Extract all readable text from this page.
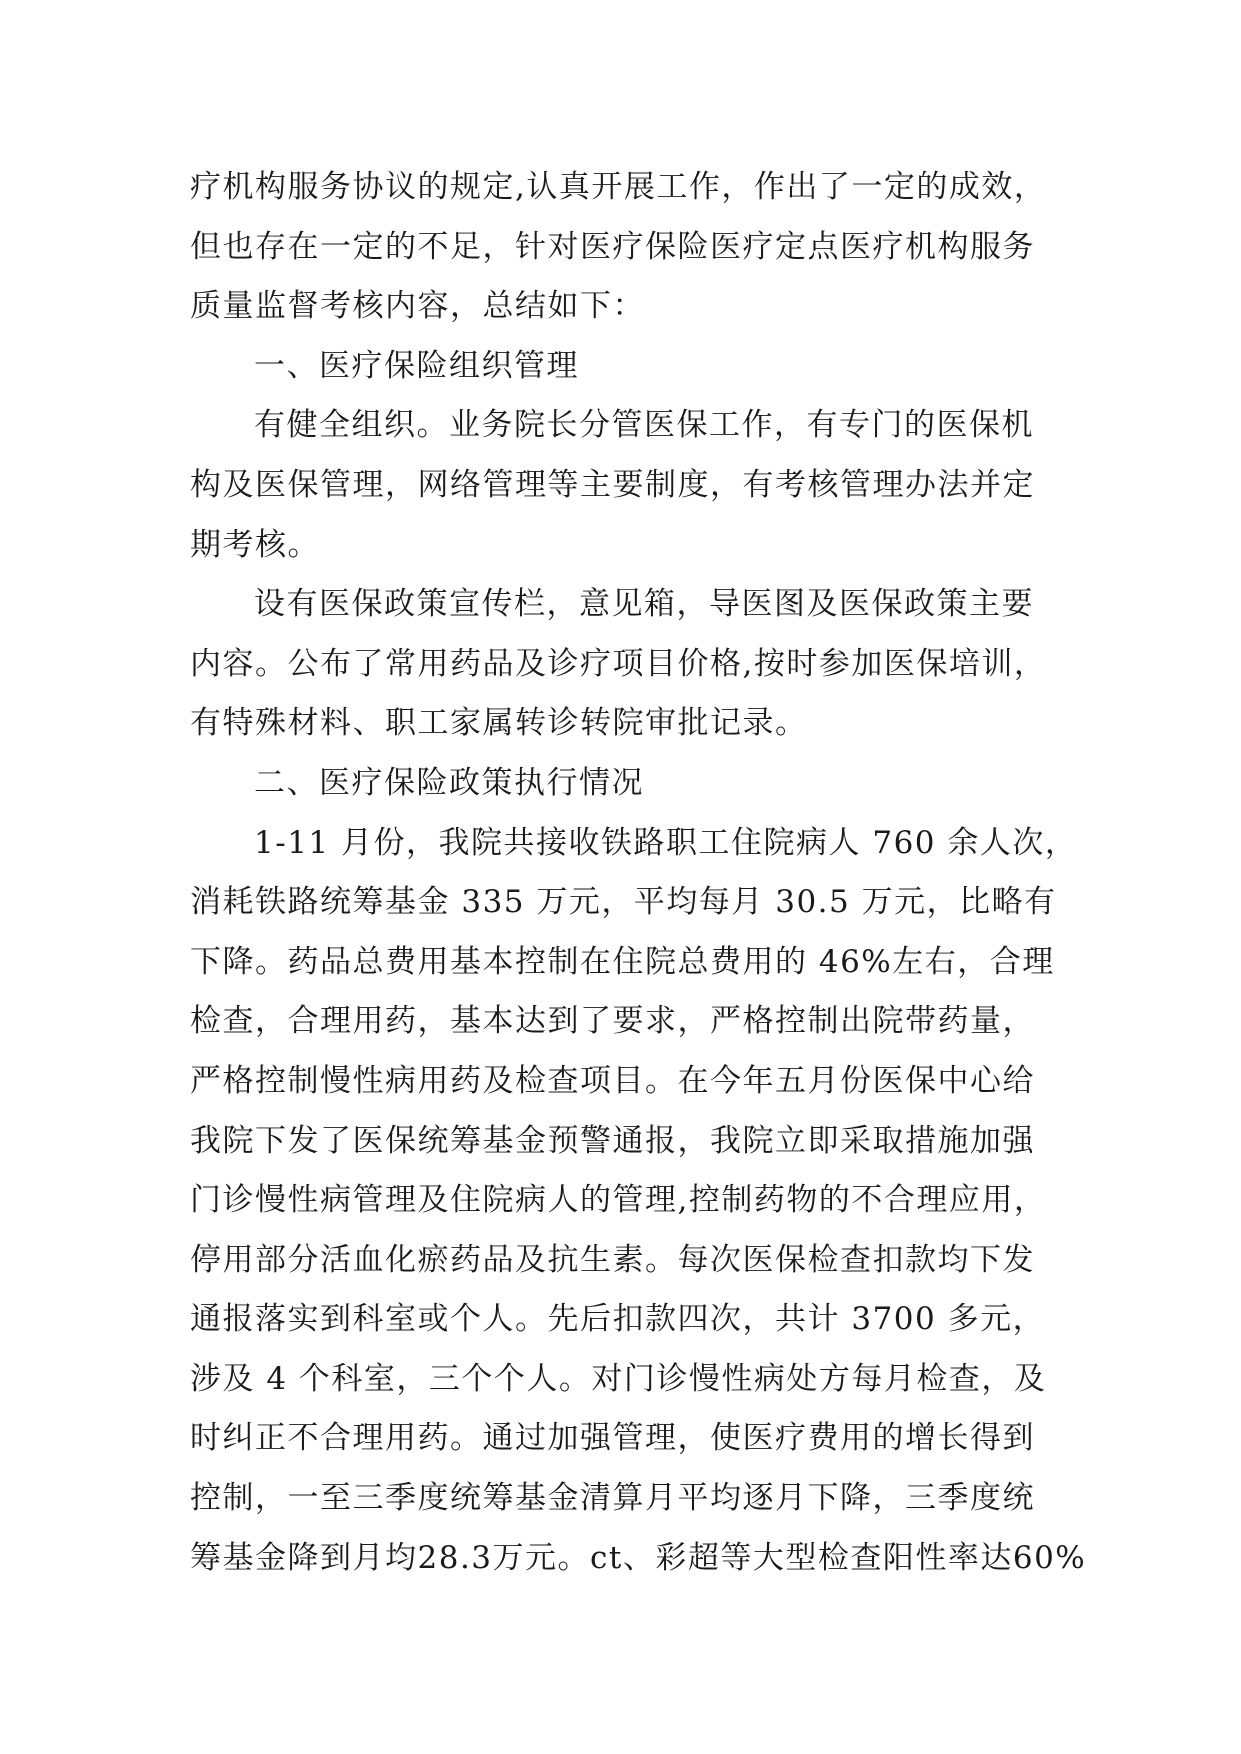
疗机构服务协议的规定,认真开展工作，作出了一定的成效，
但也存在一定的不足，针对医疗保险医疗定点医疗机构服务
质量监督考核内容，总结如下：
一、医疗保险组织管理
有健全组织。业务院长分管医保工作，有专门的医保机
构及医保管理，网络管理等主要制度，有考核管理办法并定
期考核。
设有医保政策宣传栏，意见箱，导医图及医保政策主要
内容。公布了常用药品及诊疗项目价格,按时参加医保培训，
有特殊材料、职工家属转诊转院审批记录。
二、医疗保险政策执行情况
1-11 月份，我院共接收铁路职工住院病人 760 余人次，
消耗铁路统筹基金 335 万元，平均每月 30.5 万元，比略有
下降。药品总费用基本控制在住院总费用的 46%左右，合理
检查，合理用药，基本达到了要求，严格控制出院带药量，
严格控制慢性病用药及检查项目。在今年五月份医保中心给
我院下发了医保统筹基金预警通报，我院立即采取措施加强
门诊慢性病管理及住院病人的管理,控制药物的不合理应用，
停用部分活血化瘀药品及抗生素。每次医保检查扣款均下发
通报落实到科室或个人。先后扣款四次，共计 3700 多元，
涉及 4 个科室，三个个人。对门诊慢性病处方每月检查，及
时纠正不合理用药。通过加强管理，使医疗费用的增长得到
控制，一至三季度统筹基金清算月平均逐月下降，三季度统
筹基金降到月均28.3万元。ct、彩超等大型检查阳性率达60%
